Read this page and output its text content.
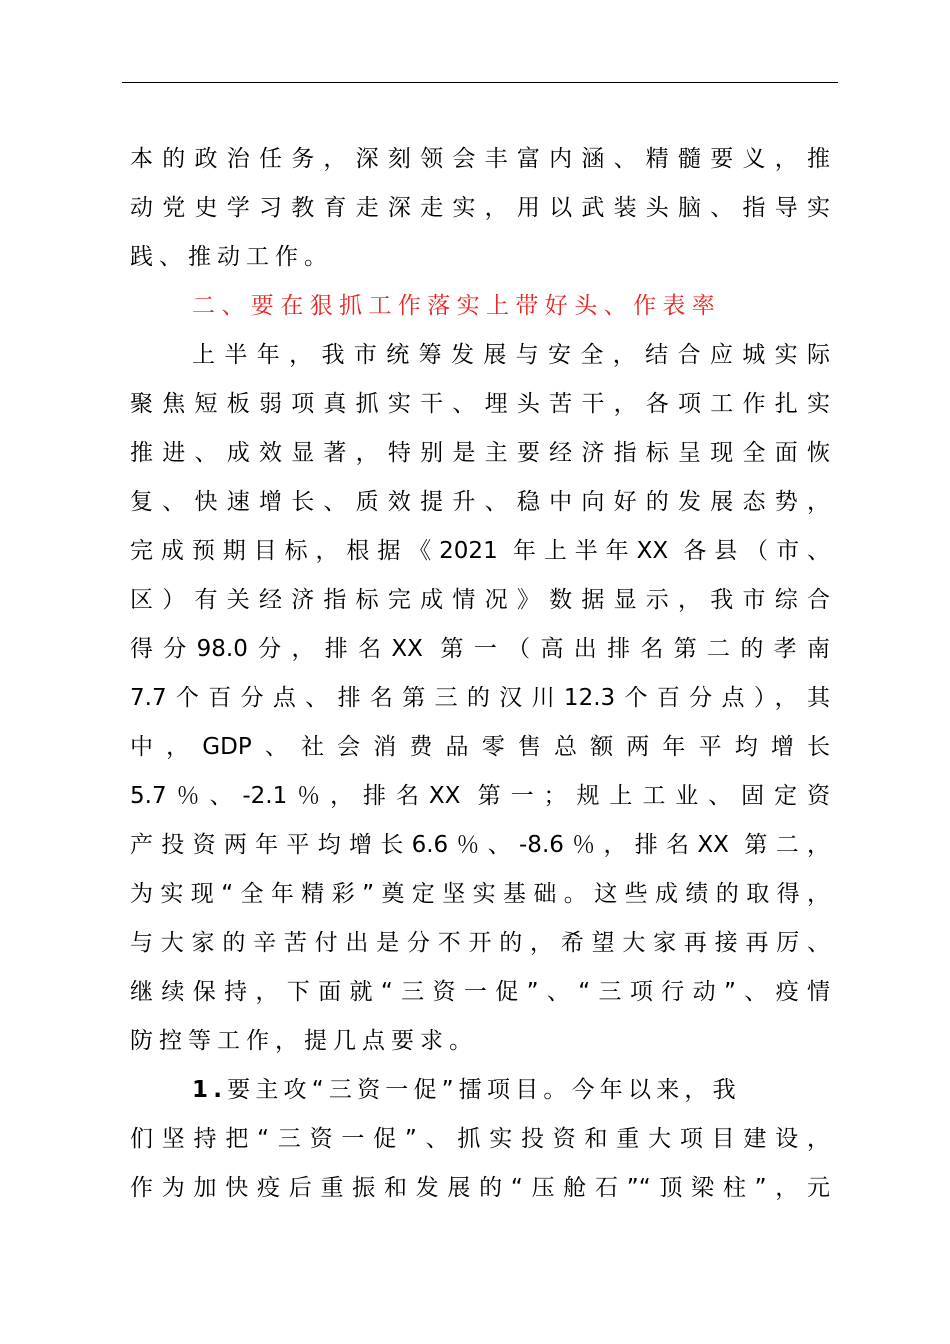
本的政治任务，深刻领会丰富内涵、精髓要义，推
动党史学习教育走深走实，用以武装头脑、指导实
践、推动工作。
二、要在狠抓工作落实上带好头、作表率
上半年，我市统筹发展与安全，结合应城实际
聚焦短板弱项真抓实干、埋头苦干，各项工作扎实
推进、成效显著，特别是主要经济指标呈现全面恢
复、快速增长、质效提升、稳中向好的发展态势，
完成预期目标，根据《2021 年上半年XX 各县（市、
区）有关经济指标完成情况》数据显示，我市综合
得分98.0分，排名XX 第一（高出排名第二的孝南
7.7个百分点、排名第三的汉川12.3个百分点），其
中，GDP、社会消费品零售总额两年平均增长
5.7％、-2.1％，排名XX 第一；规上工业、固定资
产投资两年平均增长6.6％、-8.6％，排名XX 第二，
为实现“全年精彩”奠定坚实基础。这些成绩的取得，
与大家的辛苦付出是分不开的，希望大家再接再厉、
继续保持，下面就“三资一促”、“三项行动”、疫情
防控等工作，提几点要求。
1.要主攻“三资一促”擂项目。今年以来，我
们坚持把“三资一促”、抓实投资和重大项目建设，
作为加快疫后重振和发展的“压舱石”“顶梁柱”，元
